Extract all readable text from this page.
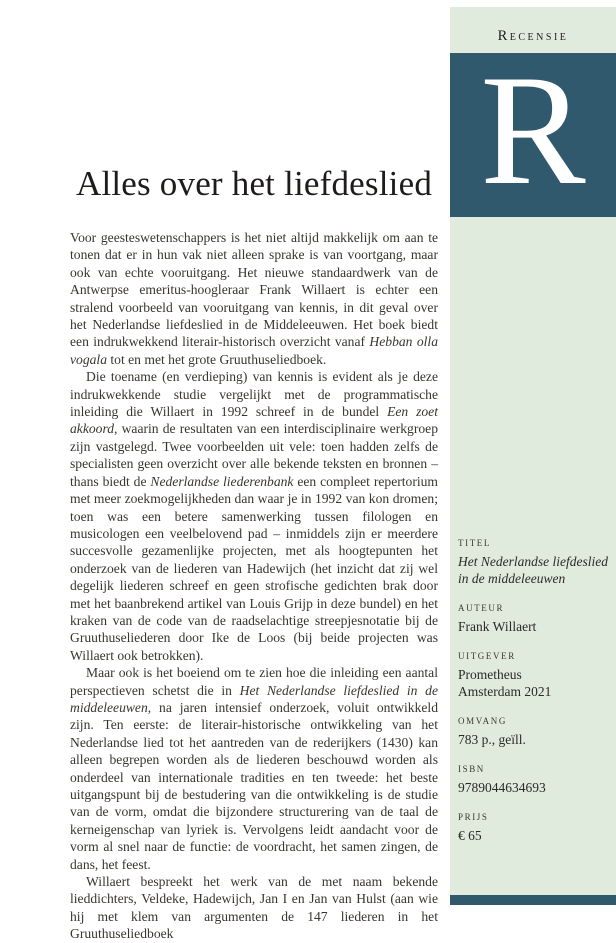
Alles over het liefdeslied

Voor geesteswetenschappers is het niet altijd makkelijk om aan te tonen dat er in hun vak niet alleen sprake is van voortgang, maar ook van echte vooruitgang. Het nieuwe standaardwerk van de Antwerpse emeritus-hoogleraar Frank Willaert is echter een stralend voorbeeld van vooruitgang van kennis, in dit geval over het Nederlandse liefdeslied in de Middeleeuwen. Het boek biedt een indrukwekkend literair-historisch overzicht vanaf Hebban olla vogala tot en met het grote Gruuthuseliedboek.

Die toename (en verdieping) van kennis is evident als je deze indrukwekkende studie vergelijkt met de programmatische inleiding die Willaert in 1992 schreef in de bundel Een zoet akkoord, waarin de resultaten van een interdisciplinaire werkgroep zijn vastgelegd. Twee voorbeelden uit vele: toen hadden zelfs de specialisten geen overzicht over alle bekende teksten en bronnen – thans biedt de Nederlandse liederenbank een compleet repertorium met meer zoekmogelijkheden dan waar je in 1992 van kon dromen; toen was een betere samenwerking tussen filologen en musicologen een veelbelovend pad – inmiddels zijn er meerdere succesvolle gezamenlijke projecten, met als hoogtepunten het onderzoek van de liederen van Hadewijch (het inzicht dat zij wel degelijk liederen schreef en geen strofische gedichten brak door met het baanbrekend artikel van Louis Grijp in deze bundel) en het kraken van de code van de raadselachtige streepjesnotatie bij de Gruuthuseliederen door Ike de Loos (bij beide projecten was Willaert ook betrokken).

Maar ook is het boeiend om te zien hoe die inleiding een aantal perspectieven schetst die in Het Nederlandse liefdeslied in de middeleeuwen, na jaren intensief onderzoek, voluit ontwikkeld zijn. Ten eerste: de literair-historische ontwikkeling van het Nederlandse lied tot het aantreden van de rederijkers (1430) kan alleen begrepen worden als de liederen beschouwd worden als onderdeel van internationale tradities en ten tweede: het beste uitgangspunt bij de bestudering van die ontwikkeling is de studie van de vorm, omdat die bijzondere structurering van de taal de kerneigenschap van lyriek is. Vervolgens leidt aandacht voor de vorm al snel naar de functie: de voordracht, het samen zingen, de dans, het feest.

Willaert bespreekt het werk van de met naam bekende lieddichters, Veldeke, Hadewijch, Jan I en Jan van Hulst (aan wie hij met klem van argumenten de 147 liederen in het Gruuthuseliedboek

Recensie
R
TITEL
Het Nederlandse liefdeslied
in de middeleeuwen
AUTEUR
Frank Willaert
UITGEVER
Prometheus
Amsterdam 2021
OMVANG
783 p., geïll.
ISBN
9789044634693
PRIJS
€ 65
